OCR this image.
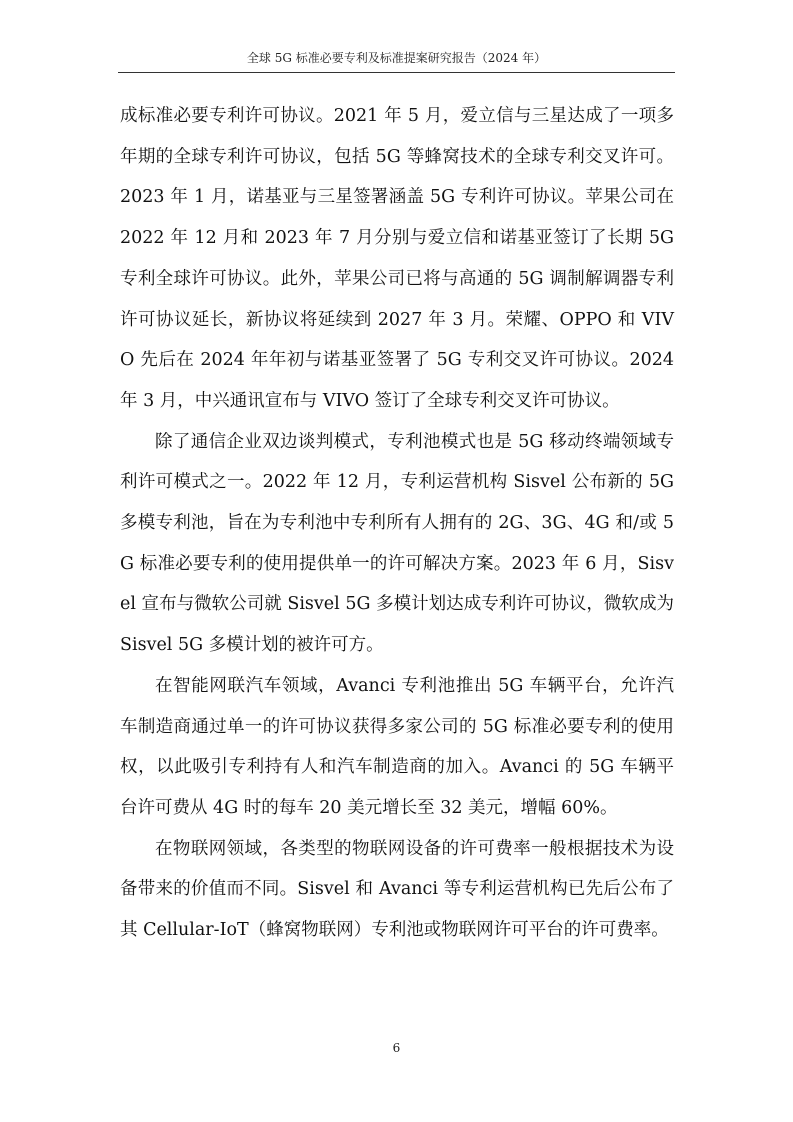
全球 5G 标准必要专利及标准提案研究报告（2024 年）

成标准必要专利许可协议。2021 年 5 月，爱立信与三星达成了一项多年期的全球专利许可协议，包括 5G 等蜂窝技术的全球专利交叉许可。2023 年 1 月，诺基亚与三星签署涵盖 5G 专利许可协议。苹果公司在 2022 年 12 月和 2023 年 7 月分别与爱立信和诺基亚签订了长期 5G 专利全球许可协议。此外，苹果公司已将与高通的 5G 调制解调器专利许可协议延长，新协议将延续到 2027 年 3 月。荣耀、OPPO 和 VIVO 先后在 2024 年年初与诺基亚签署了 5G 专利交叉许可协议。2024 年 3 月，中兴通讯宣布与 VIVO 签订了全球专利交叉许可协议。

除了通信企业双边谈判模式，专利池模式也是 5G 移动终端领域专利许可模式之一。2022 年 12 月，专利运营机构 Sisvel 公布新的 5G 多模专利池，旨在为专利池中专利所有人拥有的 2G、3G、4G 和/或 5G 标准必要专利的使用提供单一的许可解决方案。2023 年 6 月，Sisvel 宣布与微软公司就 Sisvel 5G 多模计划达成专利许可协议，微软成为 Sisvel 5G 多模计划的被许可方。

在智能网联汽车领域，Avanci 专利池推出 5G 车辆平台，允许汽车制造商通过单一的许可协议获得多家公司的 5G 标准必要专利的使用权，以此吸引专利持有人和汽车制造商的加入。Avanci 的 5G 车辆平台许可费从 4G 时的每车 20 美元增长至 32 美元，增幅 60%。

在物联网领域，各类型的物联网设备的许可费率一般根据技术为设备带来的价值而不同。Sisvel 和 Avanci 等专利运营机构已先后公布了其 Cellular-IoT（蜂窝物联网）专利池或物联网许可平台的许可费率。

6
